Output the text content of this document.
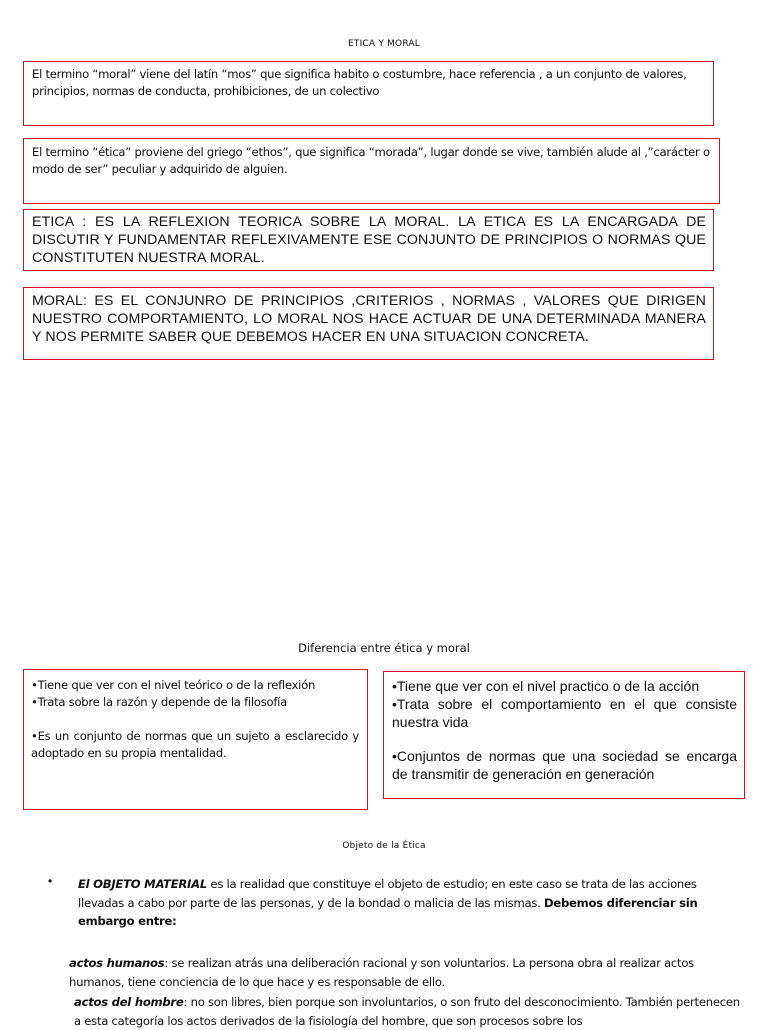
ETICA Y MORAL
El termino “moral” viene del latín “mos” que significa habito o costumbre, hace referencia , a un conjunto de valores, principios, normas de conducta, prohibiciones, de un colectivo
El termino “ética” proviene del griego “ethos”, que significa “morada”, lugar donde se vive, también alude al ,”carácter o modo de ser” peculiar y adquirido de alguien.
ETICA : ES LA REFLEXION TEORICA SOBRE LA MORAL. LA ETICA ES LA ENCARGADA DE DISCUTIR Y FUNDAMENTAR REFLEXIVAMENTE ESE CONJUNTO DE PRINCIPIOS O NORMAS QUE CONSTITUTEN NUESTRA MORAL.
MORAL: ES EL CONJUNRO DE PRINCIPIOS ,CRITERIOS , NORMAS , VALORES QUE DIRIGEN NUESTRO COMPORTAMIENTO, LO MORAL NOS HACE ACTUAR DE UNA DETERMINADA MANERA Y NOS PERMITE SABER QUE DEBEMOS HACER EN UNA SITUACION CONCRETA.
Diferencia entre ética y moral
•Tiene que ver con el nivel teórico o de la reflexión
•Trata sobre la razón y depende de la filosofía
•Es un conjunto de normas que un sujeto a esclarecido y adoptado en su propia mentalidad.
•Tiene que ver con el nivel practico o de la acción
•Trata sobre el comportamiento en el que consiste nuestra vida
•Conjuntos de normas que una sociedad se encarga de transmitir de generación en generación
Objeto de la Ética
• El OBJETO MATERIAL es la realidad que constituye el objeto de estudio; en este caso se trata de las acciones llevadas a cabo por parte de las personas, y de la bondad o malicia de las mismas. Debemos diferenciar sin embargo entre:
actos humanos: se realizan atrás una deliberación racional y son voluntarios. La persona obra al realizar actos humanos, tiene conciencia de lo que hace y es responsable de ello.
actos del hombre: no son libres, bien porque son involuntarios, o son fruto del desconocimiento. También pertenecen a esta categoría los actos derivados de la fisiología del hombre, que son procesos sobre los
